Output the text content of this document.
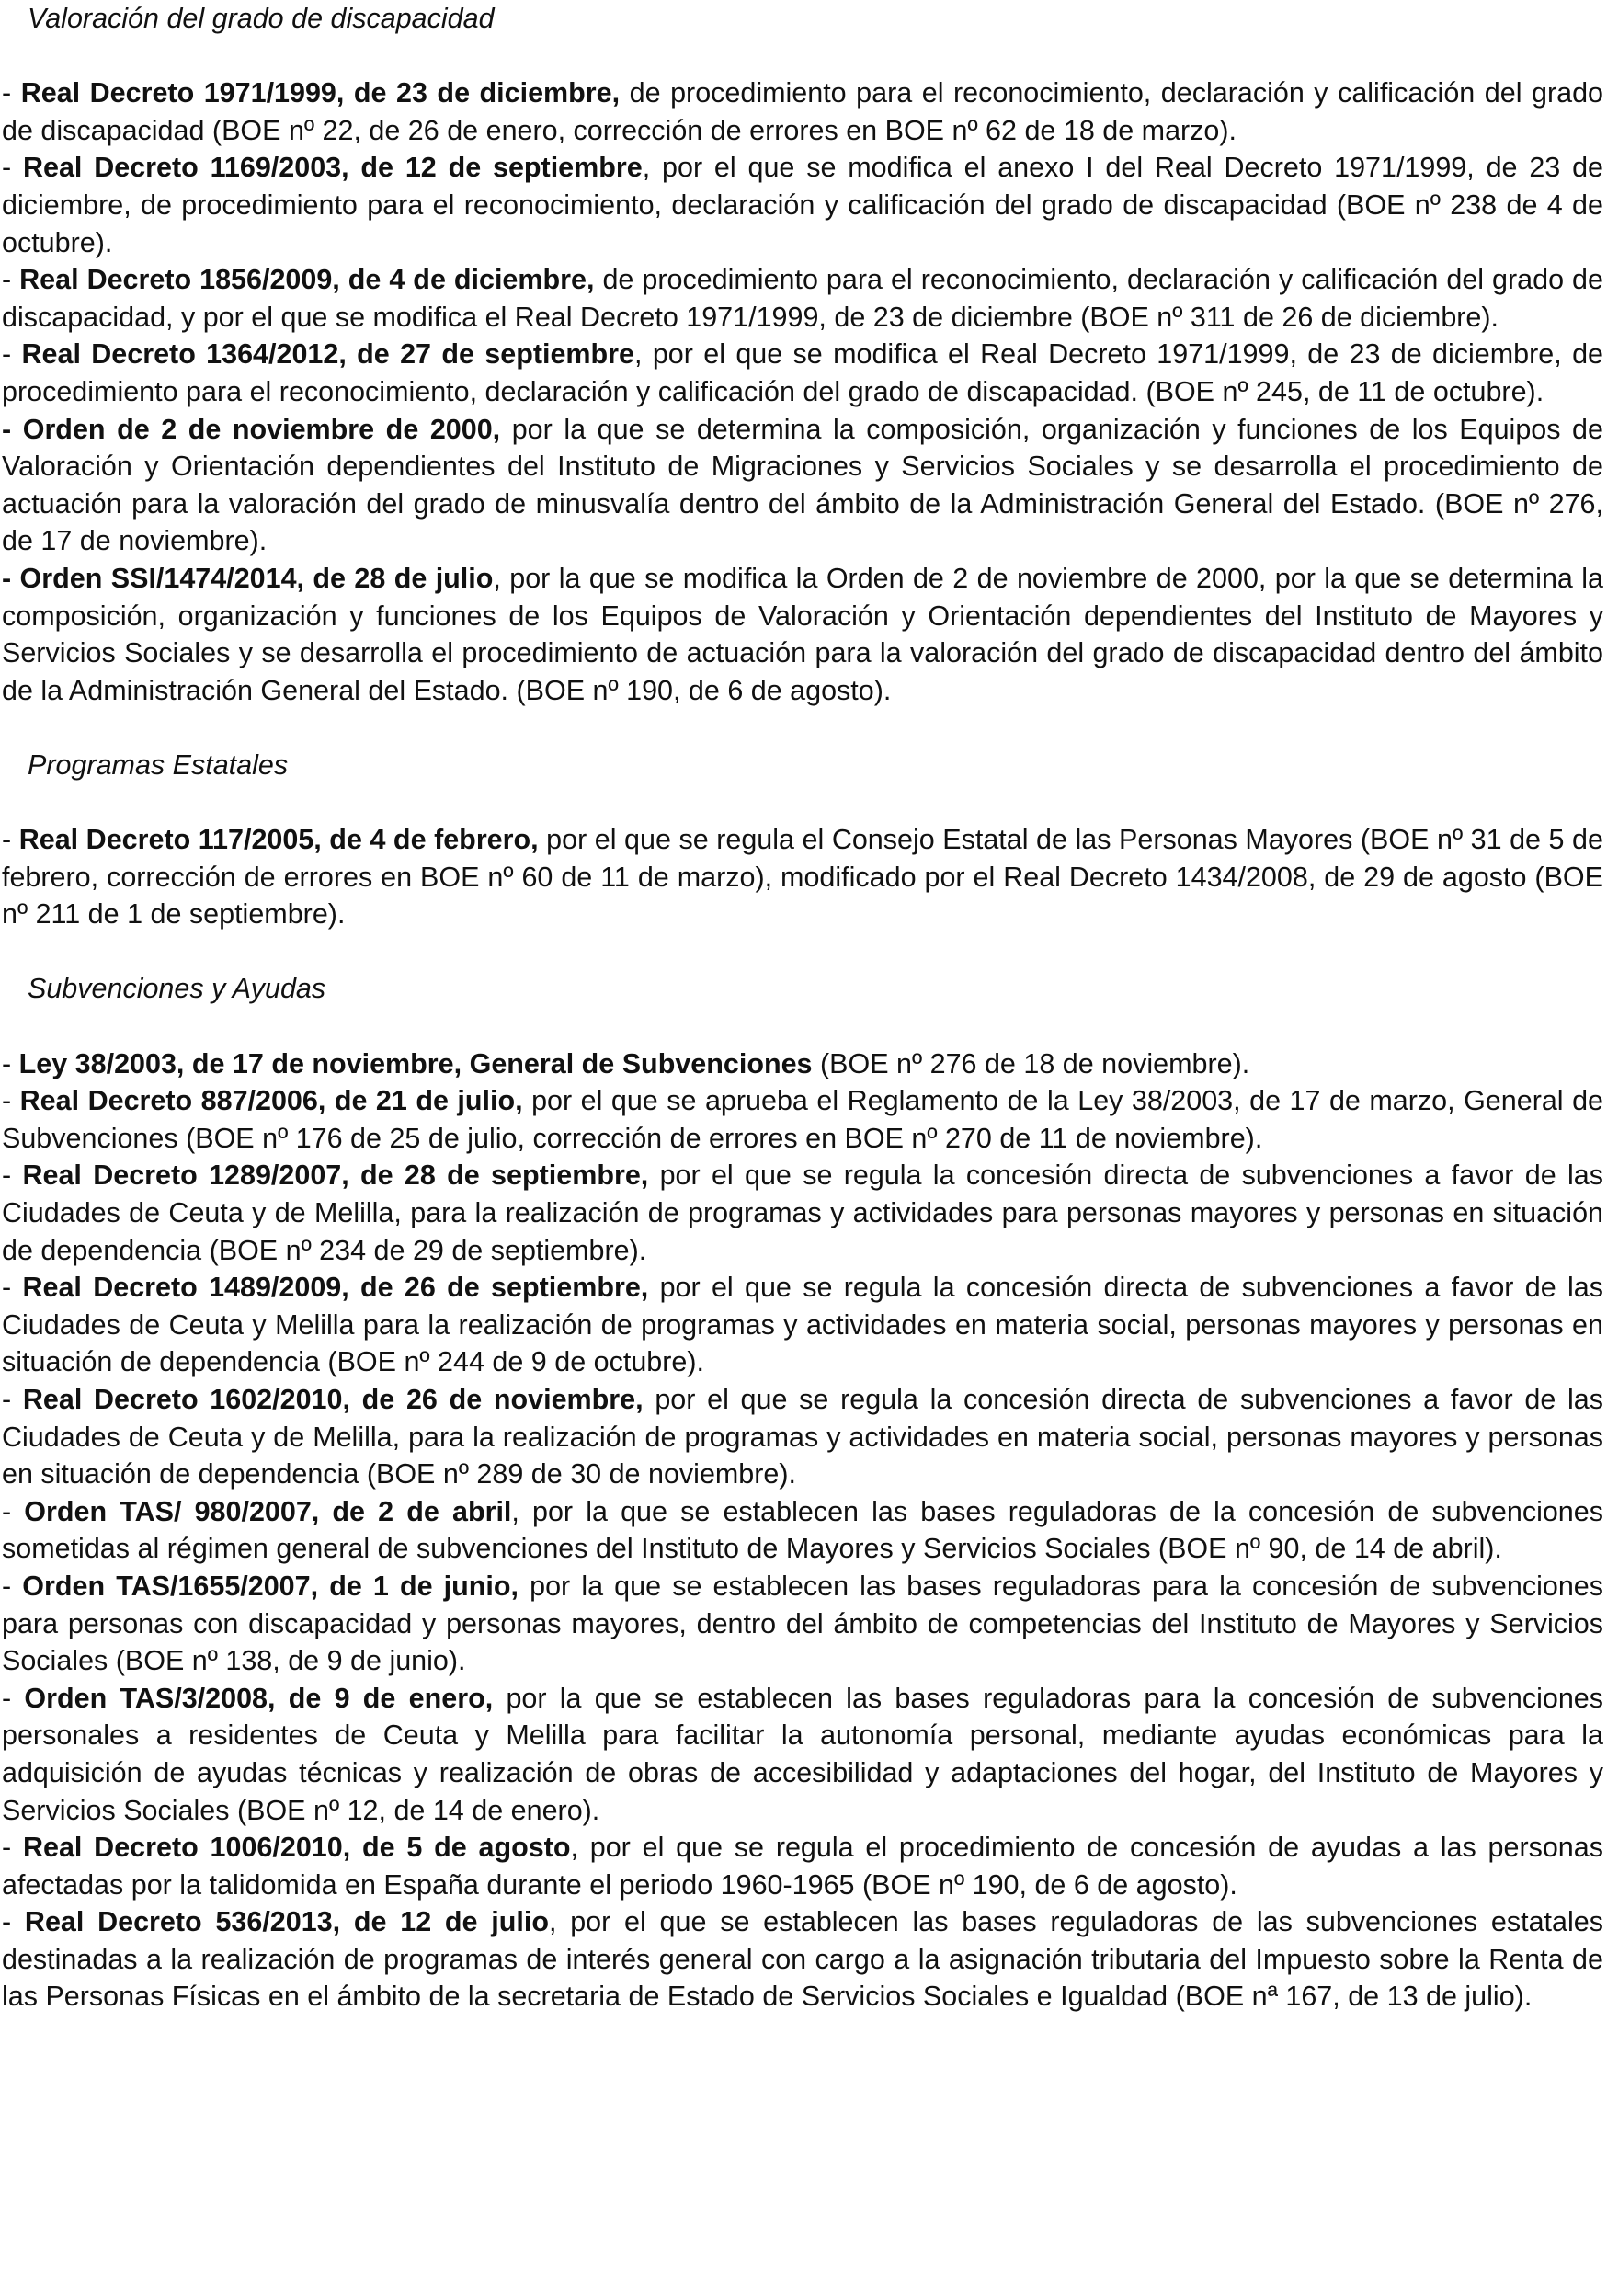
Valoración del grado de discapacidad

- Real Decreto 1971/1999, de 23 de diciembre, de procedimiento para el reconocimiento, declaración y calificación del grado de discapacidad (BOE nº 22, de 26 de enero, corrección de errores en BOE nº 62 de 18 de marzo).

- Real Decreto 1169/2003, de 12 de septiembre, por el que se modifica el anexo I del Real Decreto 1971/1999, de 23 de diciembre, de procedimiento para el reconocimiento, declaración y calificación del grado de discapacidad (BOE nº 238 de 4 de octubre).

- Real Decreto 1856/2009, de 4 de diciembre, de procedimiento para el reconocimiento, declaración y calificación del grado de discapacidad, y por el que se modifica el Real Decreto 1971/1999, de 23 de diciembre (BOE nº 311 de 26 de diciembre).

- Real Decreto 1364/2012, de 27 de septiembre, por el que se modifica el Real Decreto 1971/1999, de 23 de diciembre, de procedimiento para el reconocimiento, declaración y calificación del grado de discapacidad. (BOE nº 245, de 11 de octubre).

- Orden de 2 de noviembre de 2000, por la que se determina la composición, organización y funciones de los Equipos de Valoración y Orientación dependientes del Instituto de Migraciones y Servicios Sociales y se desarrolla el procedimiento de actuación para la valoración del grado de minusvalía dentro del ámbito de la Administración General del Estado. (BOE nº 276, de 17 de noviembre).

- Orden SSI/1474/2014, de 28 de julio, por la que se modifica la Orden de 2 de noviembre de 2000, por la que se determina la composición, organización y funciones de los Equipos de Valoración y Orientación dependientes del Instituto de Mayores y Servicios Sociales y se desarrolla el procedimiento de actuación para la valoración del grado de discapacidad dentro del ámbito de la Administración General del Estado. (BOE nº 190, de 6 de agosto).

Programas Estatales

- Real Decreto 117/2005, de 4 de febrero, por el que se regula el Consejo Estatal de las Personas Mayores (BOE nº 31 de 5 de febrero, corrección de errores en BOE nº 60 de 11 de marzo), modificado por el Real Decreto 1434/2008, de 29 de agosto (BOE nº 211 de 1 de septiembre).

Subvenciones y Ayudas

- Ley 38/2003, de 17 de noviembre, General de Subvenciones (BOE nº 276 de 18 de noviembre).

- Real Decreto 887/2006, de 21 de julio, por el que se aprueba el Reglamento de la Ley 38/2003, de 17 de marzo, General de Subvenciones (BOE nº 176 de 25 de julio, corrección de errores en BOE nº 270 de 11 de noviembre).

- Real Decreto 1289/2007, de 28 de septiembre, por el que se regula la concesión directa de subvenciones a favor de las Ciudades de Ceuta y de Melilla, para la realización de programas y actividades para personas mayores y personas en situación de dependencia (BOE nº 234 de 29 de septiembre).

- Real Decreto 1489/2009, de 26 de septiembre, por el que se regula la concesión directa de subvenciones a favor de las Ciudades de Ceuta y Melilla para la realización de programas y actividades en materia social, personas mayores y personas en situación de dependencia (BOE nº 244 de 9 de octubre).

- Real Decreto 1602/2010, de 26 de noviembre, por el que se regula la concesión directa de subvenciones a favor de las Ciudades de Ceuta y de Melilla, para la realización de programas y actividades en materia social, personas mayores y personas en situación de dependencia (BOE nº 289 de 30 de noviembre).

- Orden TAS/ 980/2007, de 2 de abril, por la que se establecen las bases reguladoras de la concesión de subvenciones sometidas al régimen general de subvenciones del Instituto de Mayores y Servicios Sociales (BOE nº 90, de 14 de abril).

- Orden TAS/1655/2007, de 1 de junio, por la que se establecen las bases reguladoras para la concesión de subvenciones para personas con discapacidad y personas mayores, dentro del ámbito de competencias del Instituto de Mayores y Servicios Sociales (BOE nº 138, de 9 de junio).

- Orden TAS/3/2008, de 9 de enero, por la que se establecen las bases reguladoras para la concesión de subvenciones personales a residentes de Ceuta y Melilla para facilitar la autonomía personal, mediante ayudas económicas para la adquisición de ayudas técnicas y realización de obras de accesibilidad y adaptaciones del hogar, del Instituto de Mayores y Servicios Sociales (BOE nº 12, de 14 de enero).

- Real Decreto 1006/2010, de 5 de agosto, por el que se regula el procedimiento de concesión de ayudas a las personas afectadas por la talidomida en España durante el periodo 1960-1965 (BOE nº 190, de 6 de agosto).

- Real Decreto 536/2013, de 12 de julio, por el que se establecen las bases reguladoras de las subvenciones estatales destinadas a la realización de programas de interés general con cargo a la asignación tributaria del Impuesto sobre la Renta de las Personas Físicas en el ámbito de la secretaria de Estado de Servicios Sociales e Igualdad (BOE nª 167, de 13 de julio).
